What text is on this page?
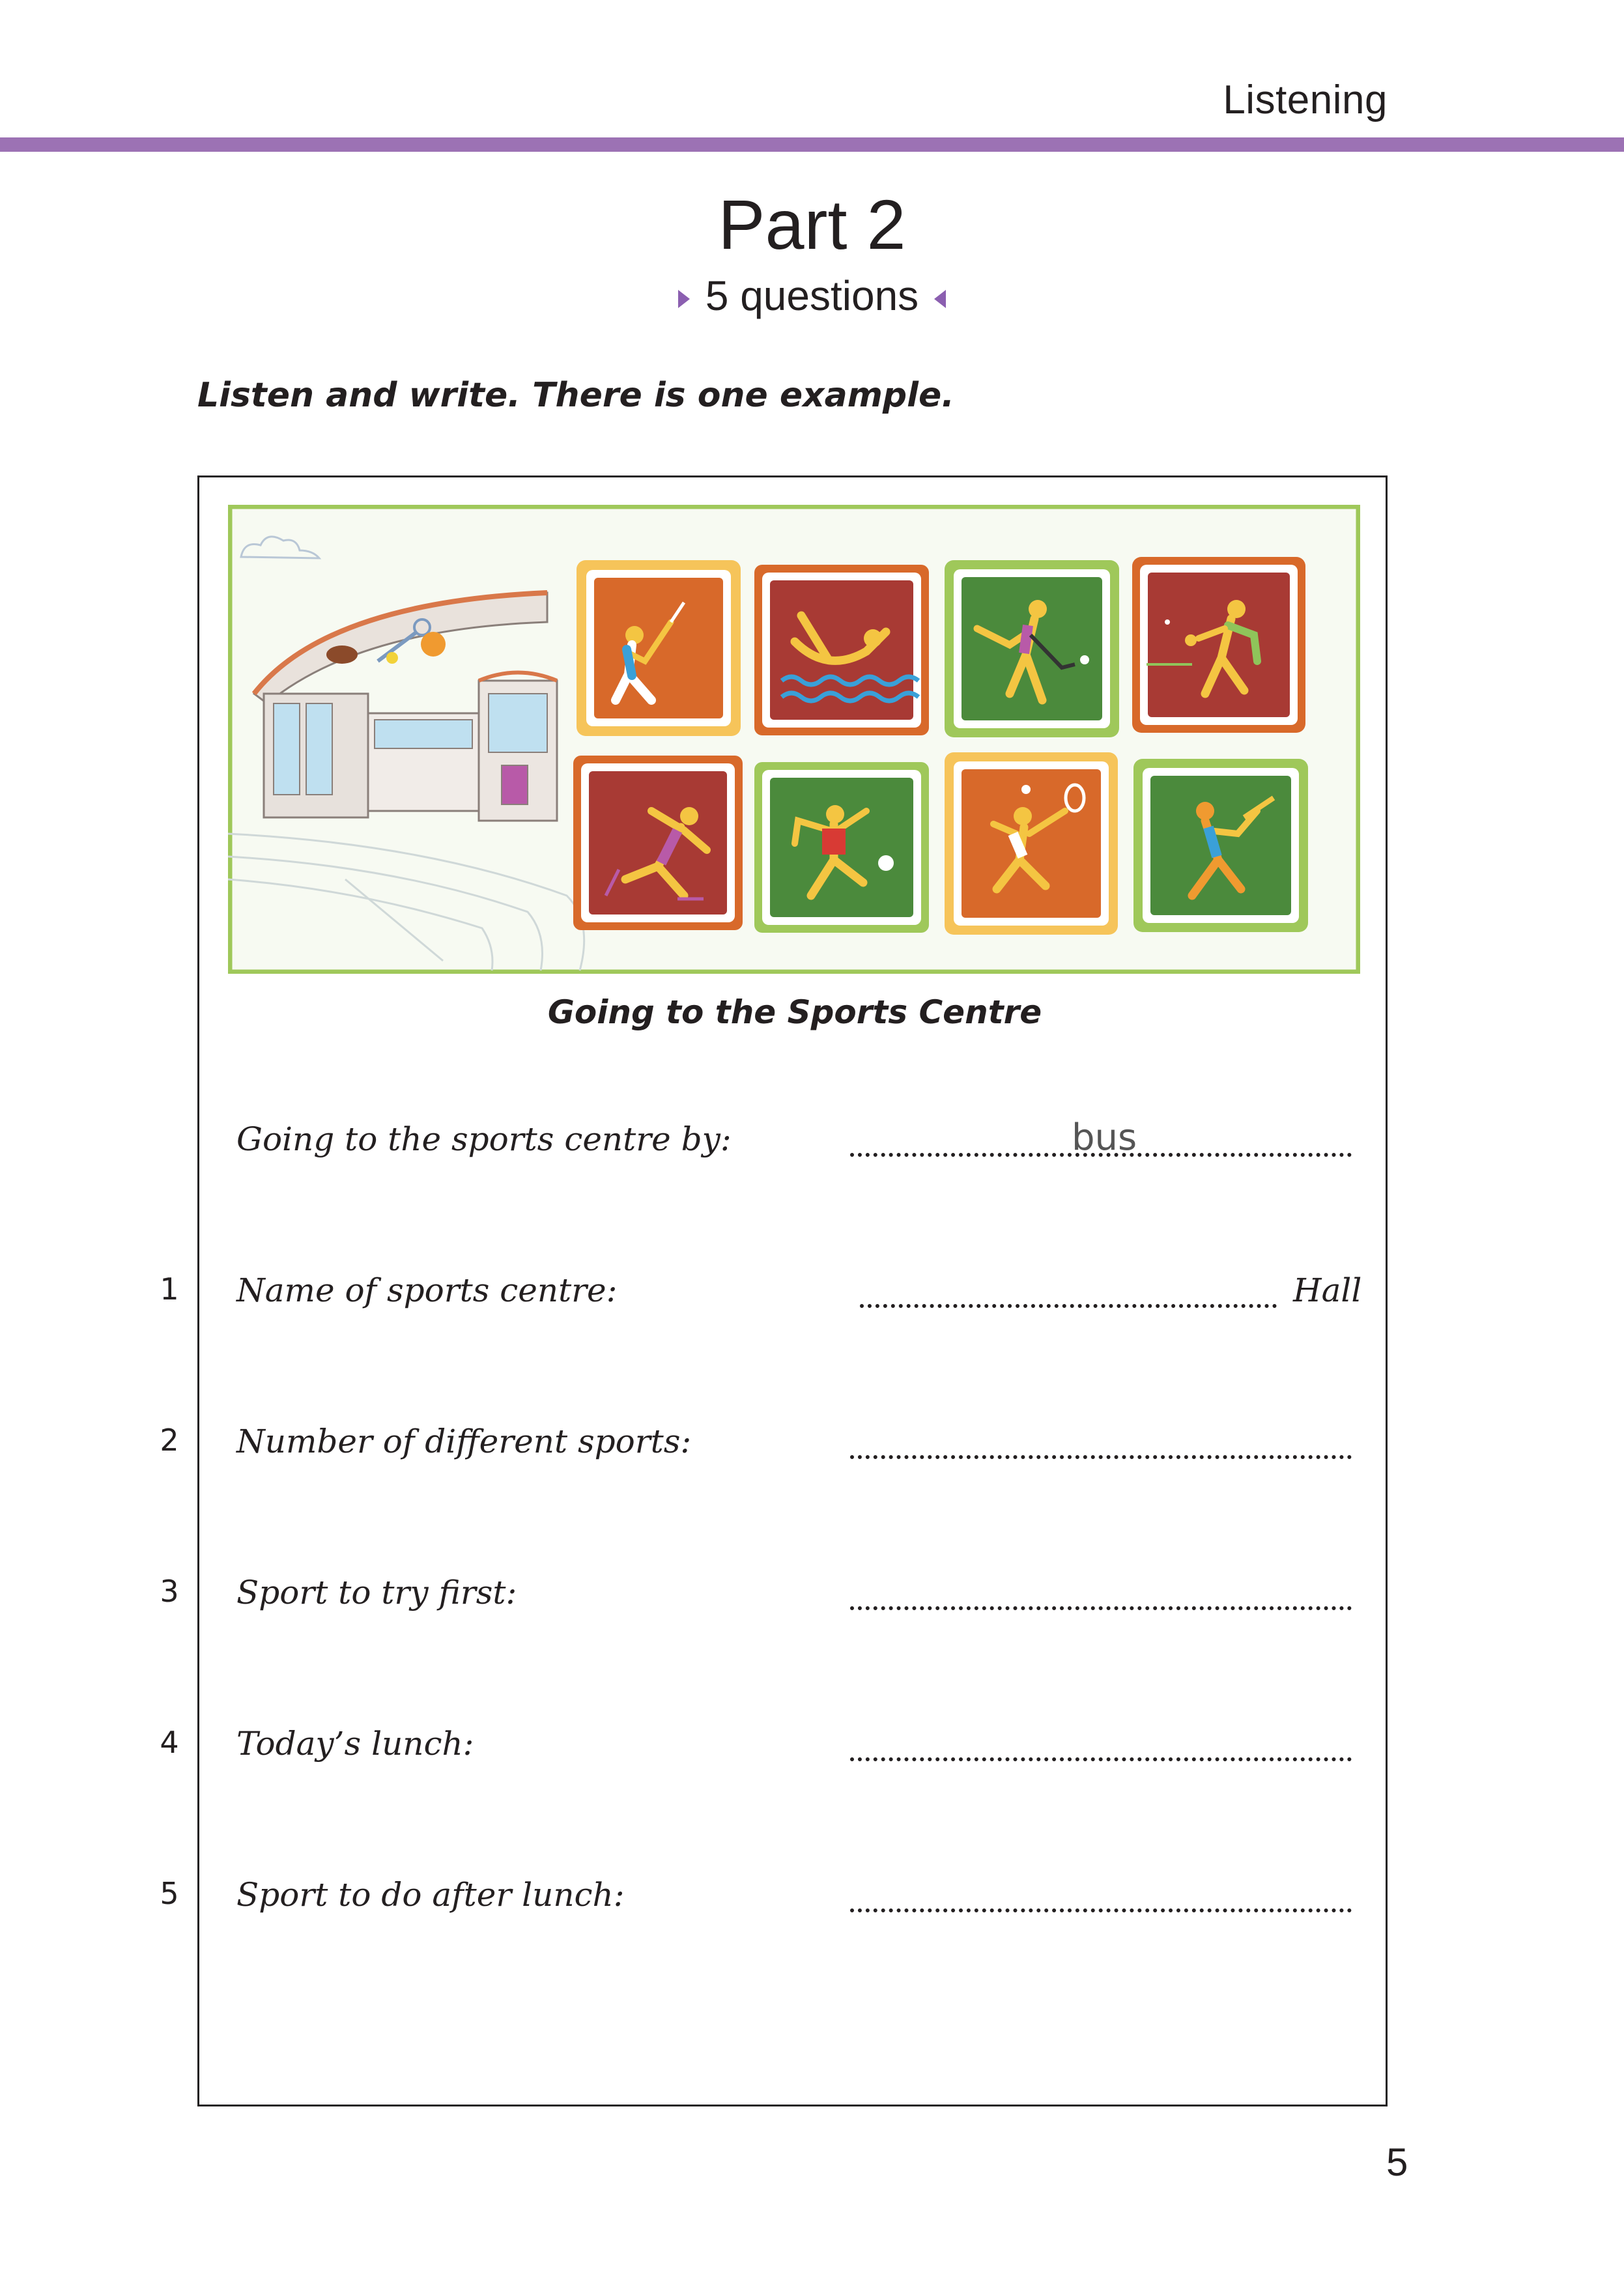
Listening
Part 2
5 questions
Listen and write. There is one example.
Going to the Sports Centre
Going to the sports centre by:	bus
1 Name of sports centre:	Hall
2 Number of different sports:
3 Sport to try first:
4 Today’s lunch:
5 Sport to do after lunch:
5
